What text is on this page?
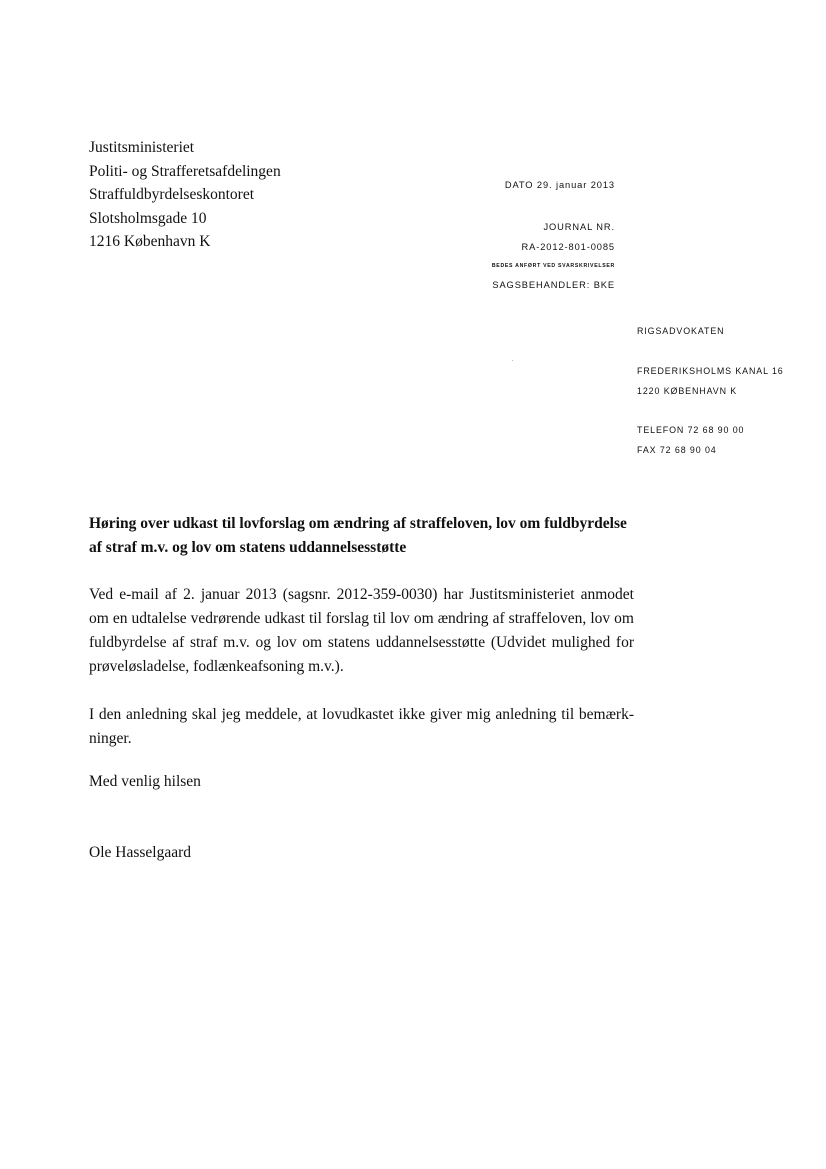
Justitsministeriet
Politi- og Strafferetsafdelingen
Straffuldbyrdelseskontoret
Slotsholmsgade 10
1216 København K
DATO 29. januar 2013
JOURNAL NR.
RA-2012-801-0085
BEDES ANFØRT VED SVARSKRIVELSER
SAGSBEHANDLER: BKE
RIGSADVOKATEN
FREDERIKSHOLMS KANAL 16
1220 KØBENHAVN K
TELEFON 72 68 90 00
FAX 72 68 90 04
Høring over udkast til lovforslag om ændring af straffeloven, lov om fuldbyrdelse af straf m.v. og lov om statens uddannelsesstøtte
Ved e-mail af 2. januar 2013 (sagsnr. 2012-359-0030) har Justitsministeriet anmodet om en udtalelse vedrørende udkast til forslag til lov om ændring af straffeloven, lov om fuldbyrdelse af straf m.v. og lov om statens uddannelsesstøtte (Udvidet mulighed for prøveløsladelse, fodlænkeafsoning m.v.).
I den anledning skal jeg meddele, at lovudkastet ikke giver mig anledning til bemærk-ninger.
Med venlig hilsen
Ole Hasselgaard
